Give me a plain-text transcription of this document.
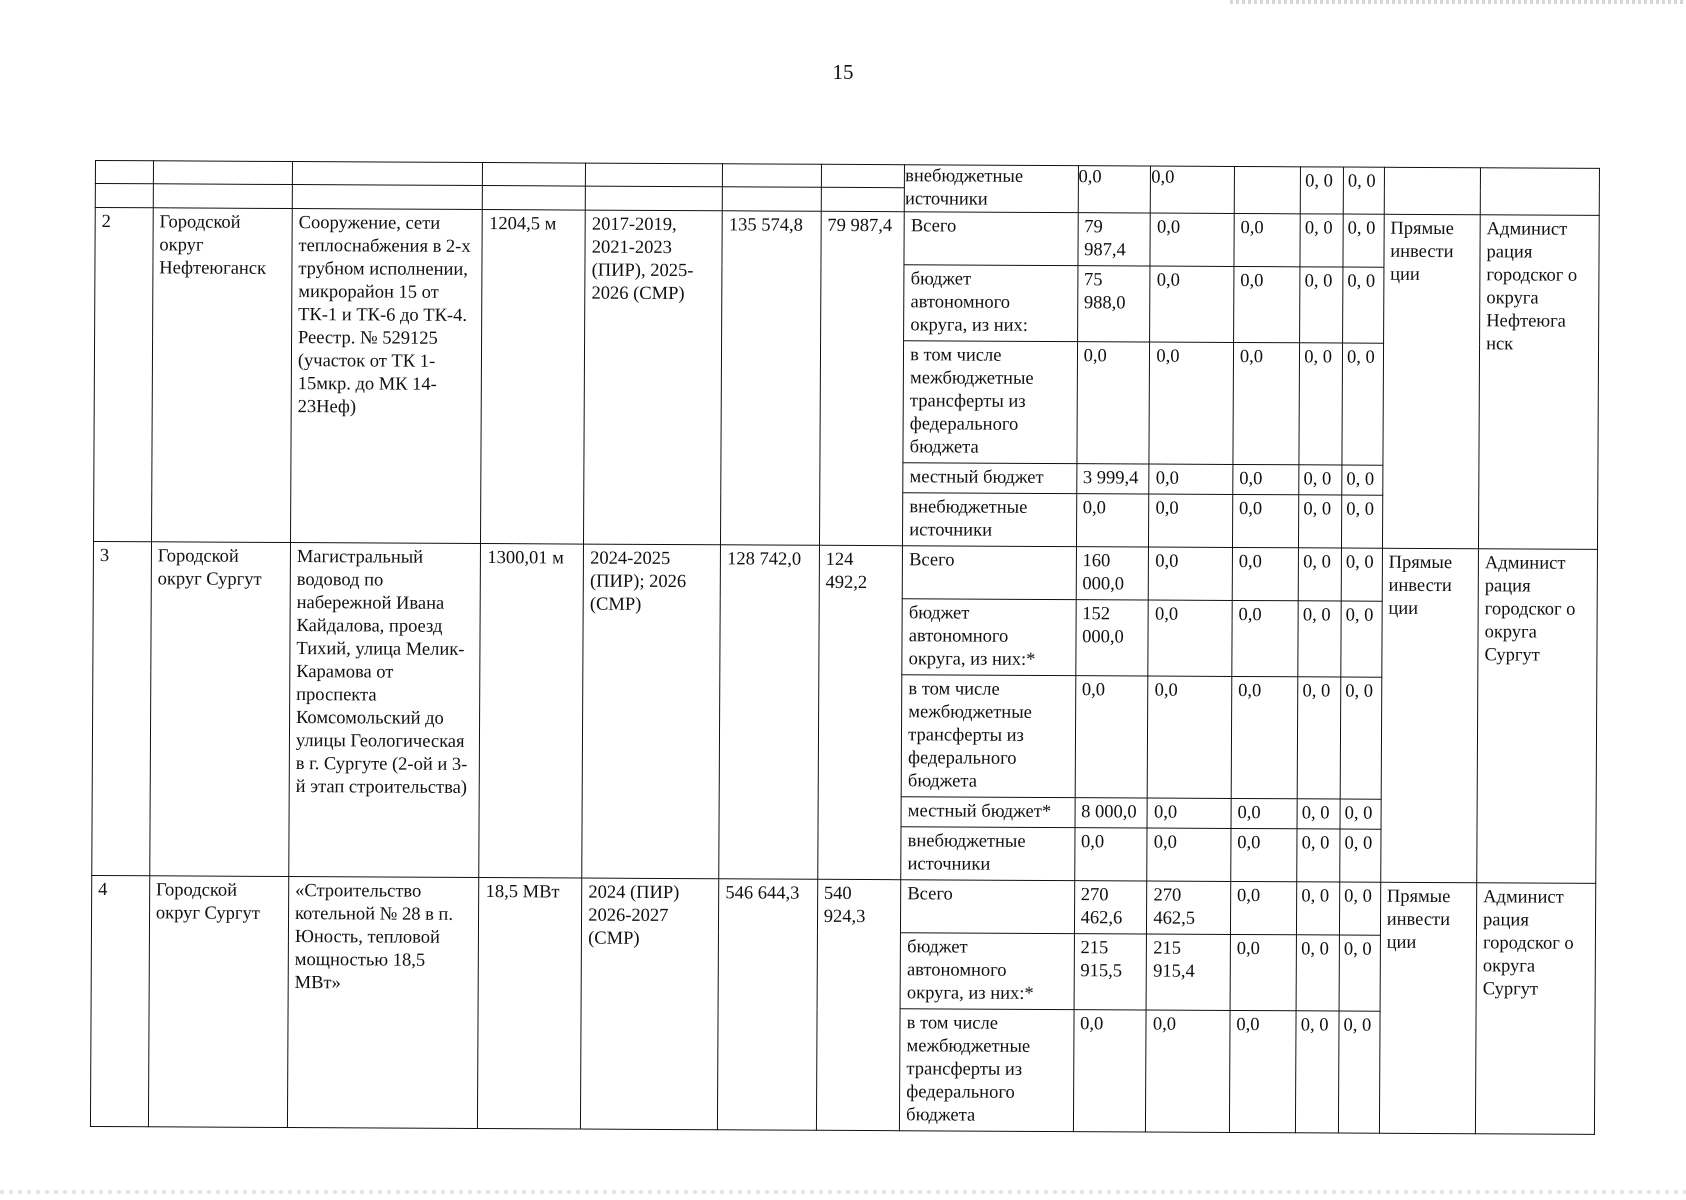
15
							внебюджетные источники	0,0	0,0		0, 0	0, 0		

2	Городской округ Нефтеюганск	Сооружение, сети теплоснабжения в 2-х трубном исполнении, микрорайон 15 от ТК-1 и ТК-6 до ТК-4. Реестр. № 529125 (участок от ТК 1-15мкр. до МК 14-23Неф)	1204,5 м	2017-2019, 2021-2023 (ПИР), 2025-2026 (СМР)	135 574,8	79 987,4	Всего	79 987,4	0,0	0,0	0, 0	0, 0	Прямые инвести ции	Админист рация городског о округа Нефтеюга нск
							бюджет автономного округа, из них:	75 988,0	0,0	0,0	0, 0	0, 0		
							в том числе межбюджетные трансферты из федерального бюджета	0,0	0,0	0,0	0, 0	0, 0		
							местный бюджет	3 999,4	0,0	0,0	0, 0	0, 0		
							внебюджетные источники	0,0	0,0	0,0	0, 0	0, 0		
3	Городской округ Сургут	Магистральный водовод по набережной Ивана Кайдалова, проезд Тихий, улица Мелик-Карамова от проспекта Комсомольский до улицы Геологическая в г. Сургуте (2-ой и 3-й этап строительства)	1300,01 м	2024-2025 (ПИР); 2026 (СМР)	128 742,0	124 492,2	Всего	160 000,0	0,0	0,0	0, 0	0, 0	Прямые инвести ции	Админист рация городског о округа Сургут
							бюджет автономного округа, из них:*	152 000,0	0,0	0,0	0, 0	0, 0		
							в том числе межбюджетные трансферты из федерального бюджета	0,0	0,0	0,0	0, 0	0, 0		
							местный бюджет*	8 000,0	0,0	0,0	0, 0	0, 0		
							внебюджетные источники	0,0	0,0	0,0	0, 0	0, 0		
4	Городской округ Сургут	«Строительство котельной № 28 в п. Юность, тепловой мощностью 18,5 МВт»	18,5 МВт	2024 (ПИР) 2026-2027 (СМР)	546 644,3	540 924,3	Всего	270 462,6	270 462,5	0,0	0, 0	0, 0	Прямые инвести ции	Админист рация городског о округа Сургут
							бюджет автономного округа, из них:*	215 915,5	215 915,4	0,0	0, 0	0, 0		
							в том числе межбюджетные трансферты из федерального бюджета	0,0	0,0	0,0	0, 0	0, 0		
